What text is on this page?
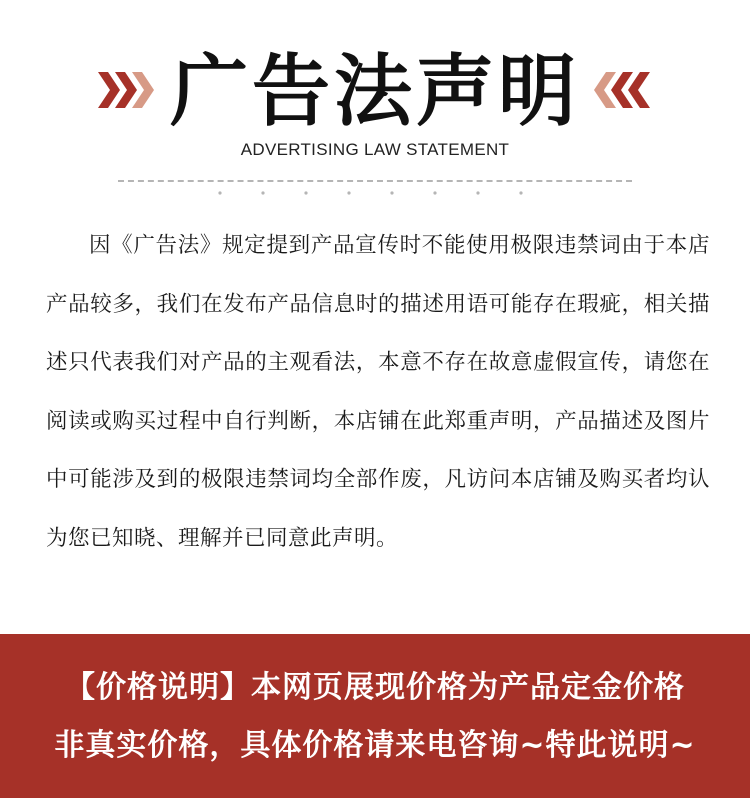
广告法声明
ADVERTISING LAW STATEMENT
因《广告法》规定提到产品宣传时不能使用极限违禁词由于本店产品较多，我们在发布产品信息时的描述用语可能存在瑕疵，相关描述只代表我们对产品的主观看法，本意不存在故意虚假宣传，请您在阅读或购买过程中自行判断，本店铺在此郑重声明，产品描述及图片中可能涉及到的极限违禁词均全部作废，凡访问本店铺及购买者均认为您已知晓、理解并已同意此声明。
【价格说明】本网页展现价格为产品定金价格
非真实价格，具体价格请来电咨询~特此说明~
